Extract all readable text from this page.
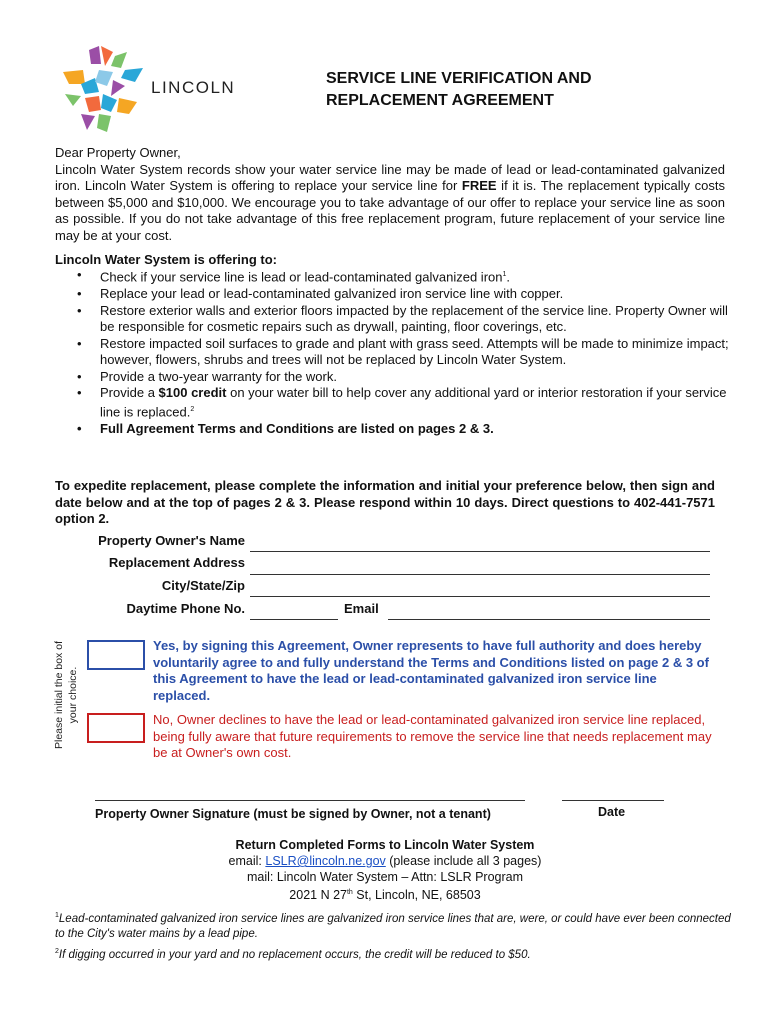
LINCOLN	SERVICE LINE VERIFICATION AND
REPLACEMENT AGREEMENT

Dear Property Owner,

Lincoln Water System records show your water service line may be made of lead or lead-contaminated galvanized iron. Lincoln Water System is offering to replace your service line for FREE if it is. The replacement typically costs between $5,000 and $10,000. We encourage you to take advantage of our offer to replace your service line as soon as possible. If you do not take advantage of this free replacement program, future replacement of your service line may be at your cost.

Lincoln Water System is offering to:
• Check if your service line is lead or lead-contaminated galvanized iron$^1$.
• Replace your lead or lead-contaminated galvanized iron service line with copper.
• Restore exterior walls and exterior floors impacted by the replacement of the service line. Property Owner will be responsible for cosmetic repairs such as drywall, painting, floor coverings, etc.
• Restore impacted soil surfaces to grade and plant with grass seed. Attempts will be made to minimize impact; however, flowers, shrubs and trees will not be replaced by Lincoln Water System.
• Provide a two-year warranty for the work.
• Provide a $100 credit on your water bill to help cover any additional yard or interior restoration if your service line is replaced.$^2$
• Full Agreement Terms and Conditions are listed on pages 2 & 3.
To expedite replacement, please complete the information and initial your preference below, then sign and date below and at the top of pages 2 & 3. Please respond within 10 days. Direct questions to 402-441-7571 option 2.
Property Owner's Name
Replacement Address
City/State/Zip
Daytime Phone No.	Email
Please initial the box of your choice.
Yes, by signing this Agreement, Owner represents to have full authority and does hereby voluntarily agree to and fully understand the Terms and Conditions listed on page 2 & 3 of this Agreement to have the lead or lead-contaminated galvanized iron service line replaced.
No, Owner declines to have the lead or lead-contaminated galvanized iron service line replaced, being fully aware that future requirements to remove the service line that needs replacement may be at Owner's own cost.
Property Owner Signature (must be signed by Owner, not a tenant)	Date
Return Completed Forms to Lincoln Water System
email: LSLR@lincoln.ne.gov (please include all 3 pages)
mail: Lincoln Water System – Attn: LSLR Program
2021 N 27th St, Lincoln, NE, 68503
$^1$Lead-contaminated galvanized iron service lines are galvanized iron service lines that are, were, or could have ever been connected to the City's water mains by a lead pipe.
$^2$If digging occurred in your yard and no replacement occurs, the credit will be reduced to $50.
